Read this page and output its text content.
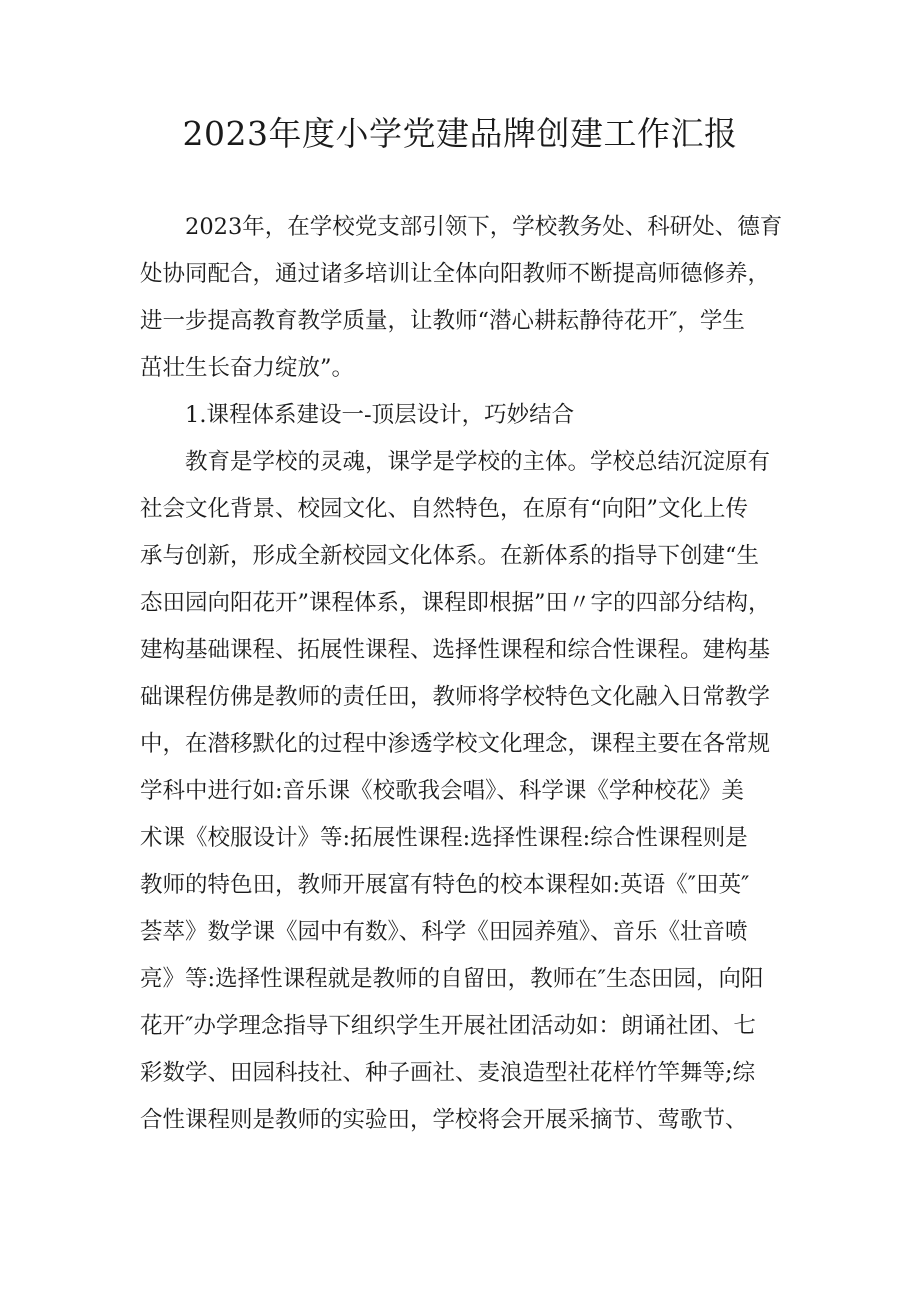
2023年度小学党建品牌创建工作汇报

2023年，在学校党支部引领下，学校教务处、科研处、德育
处协同配合，通过诸多培训让全体向阳教师不断提高师德修养，
进一步提高教育教学质量，让教师“潜心耕耘静待花开″，学生
茁壮生长奋力绽放”。

1.课程体系建设一-顶层设计，巧妙结合

教育是学校的灵魂，课学是学校的主体。学校总结沉淀原有
社会文化背景、校园文化、自然特色，在原有“向阳”文化上传
承与创新，形成全新校园文化体系。在新体系的指导下创建“生
态田园向阳花开”课程体系，课程即根据”田〃字的四部分结构，
建构基础课程、拓展性课程、选择性课程和综合性课程。建构基
础课程仿佛是教师的责任田，教师将学校特色文化融入日常教学
中，在潜移默化的过程中渗透学校文化理念，课程主要在各常规
学科中进行如:音乐课《校歌我会唱》、科学课《学种校花》美
术课《校服设计》等:拓展性课程:选择性课程:综合性课程则是
教师的特色田，教师开展富有特色的校本课程如:英语《″田英″
荟萃》数学课《园中有数》、科学《田园养殖》、音乐《壮音喷
亮》等:选择性课程就是教师的自留田，教师在″生态田园，向阳
花开″办学理念指导下组织学生开展社团活动如：朗诵社团、七
彩数学、田园科技社、种子画社、麦浪造型社花样竹竿舞等;综
合性课程则是教师的实验田，学校将会开展采摘节、莺歌节、
